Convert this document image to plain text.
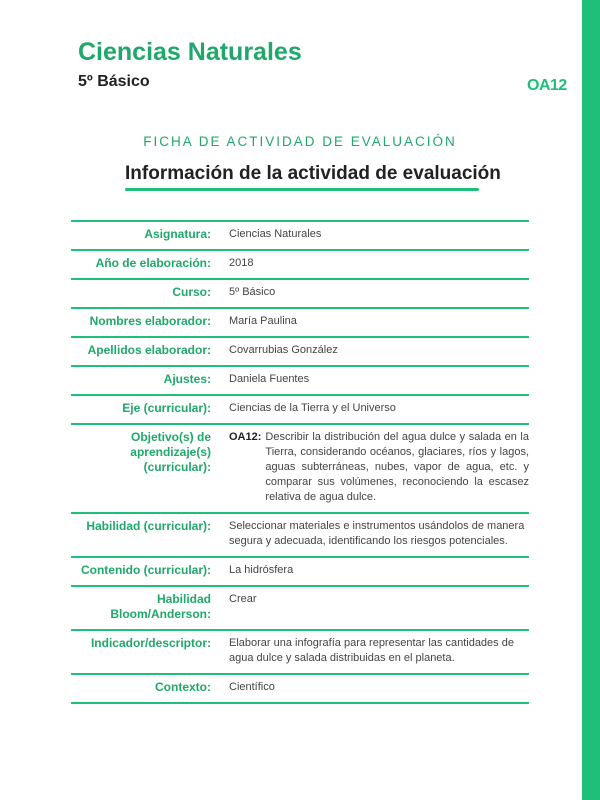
Ciencias Naturales
5º Básico	OA12
FICHA DE ACTIVIDAD DE EVALUACIÓN
Información de la actividad de evaluación
Asignatura:	Ciencias Naturales
Año de elaboración:	2018
Curso:	5º Básico
Nombres elaborador:	María Paulina
Apellidos elaborador:	Covarrubias González
Ajustes:	Daniela Fuentes
Eje (curricular):	Ciencias de la Tierra y el Universo
Objetivo(s) de aprendizaje(s) (curricular):	OA12: Describir la distribución del agua dulce y salada en la Tierra, considerando océanos, glaciares, ríos y lagos, aguas subterráneas, nubes, vapor de agua, etc. y comparar sus volúmenes, reconociendo la escasez relativa de agua dulce.

Habilidad (curricular):	Seleccionar materiales e instrumentos usándolos de manera segura y adecuada, identificando los riesgos potenciales.
Contenido (curricular):	La hidrósfera
Habilidad Bloom/Anderson:	Crear
Indicador/descriptor:	Elaborar una infografía para representar las cantidades de agua dulce y salada distribuidas en el planeta.
Contexto:	Científico
